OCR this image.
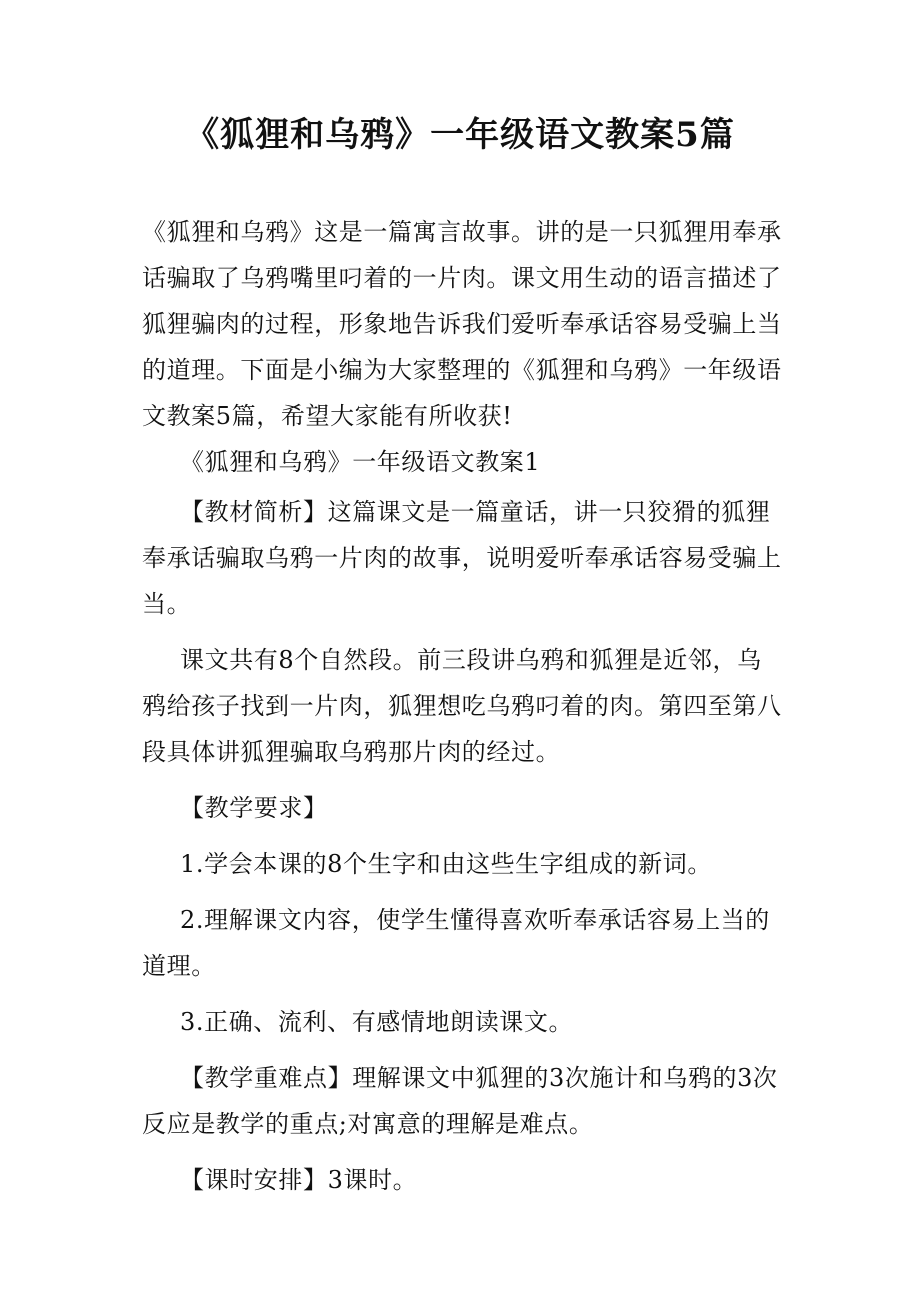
《狐狸和乌鸦》一年级语文教案5篇

《狐狸和乌鸦》这是一篇寓言故事。讲的是一只狐狸用奉承话骗取了乌鸦嘴里叼着的一片肉。课文用生动的语言描述了狐狸骗肉的过程，形象地告诉我们爱听奉承话容易受骗上当的道理。下面是小编为大家整理的《狐狸和乌鸦》一年级语文教案5篇，希望大家能有所收获!

《狐狸和乌鸦》一年级语文教案1

【教材简析】这篇课文是一篇童话，讲一只狡猾的狐狸奉承话骗取乌鸦一片肉的故事，说明爱听奉承话容易受骗上当。

课文共有8个自然段。前三段讲乌鸦和狐狸是近邻，乌鸦给孩子找到一片肉，狐狸想吃乌鸦叼着的肉。第四至第八段具体讲狐狸骗取乌鸦那片肉的经过。

【教学要求】

1.学会本课的8个生字和由这些生字组成的新词。

2.理解课文内容，使学生懂得喜欢听奉承话容易上当的道理。

3.正确、流利、有感情地朗读课文。

【教学重难点】理解课文中狐狸的3次施计和乌鸦的3次反应是教学的重点;对寓意的理解是难点。

【课时安排】3课时。
